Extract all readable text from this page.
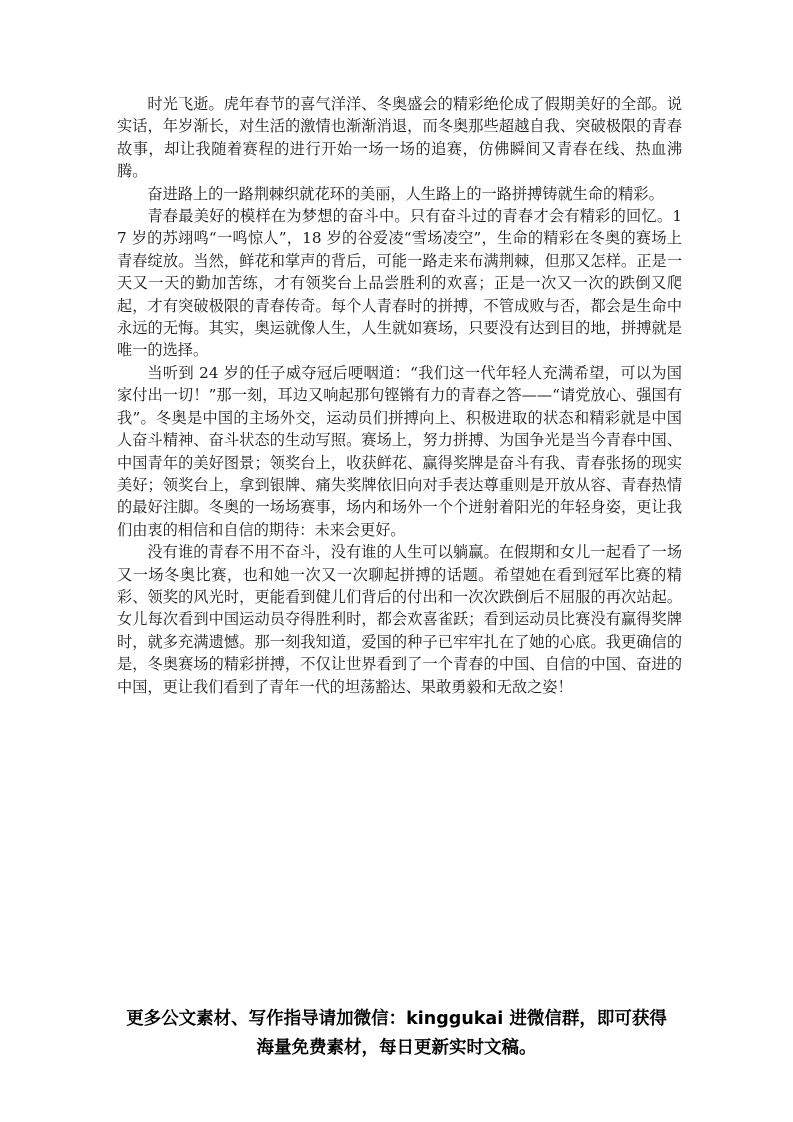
时光飞逝。虎年春节的喜气洋洋、冬奥盛会的精彩绝伦成了假期美好的全部。说实话，年岁渐长，对生活的激情也渐渐消退，而冬奥那些超越自我、突破极限的青春故事，却让我随着赛程的进行开始一场一场的追赛，仿佛瞬间又青春在线、热血沸腾。

奋进路上的一路荆棘织就花环的美丽，人生路上的一路拼搏铸就生命的精彩。

青春最美好的模样在为梦想的奋斗中。只有奋斗过的青春才会有精彩的回忆。17 岁的苏翊鸣“一鸣惊人”，18 岁的谷爱凌“雪场凌空”，生命的精彩在冬奥的赛场上青春绽放。当然，鲜花和掌声的背后，可能一路走来布满荆棘，但那又怎样。正是一天又一天的勤加苦练，才有领奖台上品尝胜利的欢喜；正是一次又一次的跌倒又爬起，才有突破极限的青春传奇。每个人青春时的拼搏，不管成败与否，都会是生命中永远的无悔。其实，奥运就像人生，人生就如赛场，只要没有达到目的地，拼搏就是唯一的选择。

当听到 24 岁的任子威夺冠后哽咽道：“我们这一代年轻人充满希望，可以为国家付出一切！”那一刻，耳边又响起那句铿锵有力的青春之答——“请党放心、强国有我”。冬奥是中国的主场外交，运动员们拼搏向上、积极进取的状态和精彩就是中国人奋斗精神、奋斗状态的生动写照。赛场上，努力拼搏、为国争光是当今青春中国、中国青年的美好图景；领奖台上，收获鲜花、赢得奖牌是奋斗有我、青春张扬的现实美好；领奖台上，拿到银牌、痛失奖牌依旧向对手表达尊重则是开放从容、青春热情的最好注脚。冬奥的一场场赛事，场内和场外一个个迸射着阳光的年轻身姿，更让我们由衷的相信和自信的期待：未来会更好。

没有谁的青春不用不奋斗，没有谁的人生可以躺赢。在假期和女儿一起看了一场又一场冬奥比赛，也和她一次又一次聊起拼搏的话题。希望她在看到冠军比赛的精彩、领奖的风光时，更能看到健儿们背后的付出和一次次跌倒后不屈服的再次站起。女儿每次看到中国运动员夺得胜利时，都会欢喜雀跃；看到运动员比赛没有赢得奖牌时，就多充满遗憾。那一刻我知道，爱国的种子已牢牢扎在了她的心底。我更确信的是，冬奥赛场的精彩拼搏，不仅让世界看到了一个青春的中国、自信的中国、奋进的中国，更让我们看到了青年一代的坦荡豁达、果敢勇毅和无敌之姿！

更多公文素材、写作指导请加微信：kinggukai 进微信群，即可获得
海量免费素材，每日更新实时文稿。
